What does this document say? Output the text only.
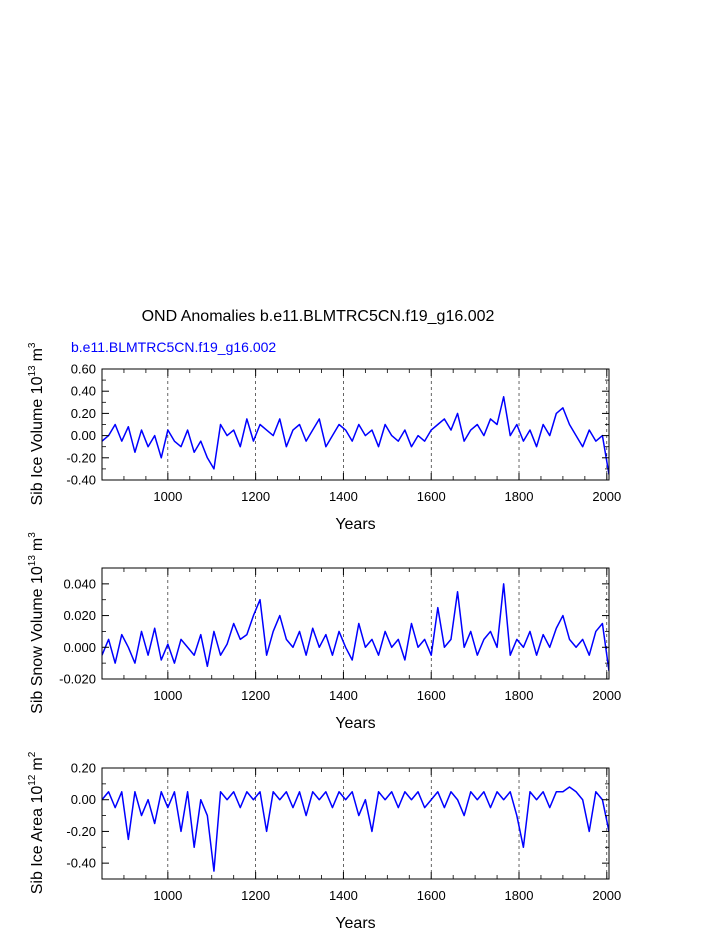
OND Anomalies b.e11.BLMTRC5CN.f19_g16.002
1000	1200	1400	1600	1800	2000
-0.40
-0.20
0.00
0.20
0.40
0.60
Years
Sib Ice Volume $10^{13}m^3$	b.e11.BLMTRC5CN.f19_g16.002
1000	1200	1400	1600	1800	2000
-0.020
0.000
0.020
0.040
Years
Sib Snow Volume $10^{13}m^3$
1000	1200	1400	1600	1800	2000
-0.40
-0.20
0.00
0.20
Years
Sib Ice Area $10^{12}m^2$
